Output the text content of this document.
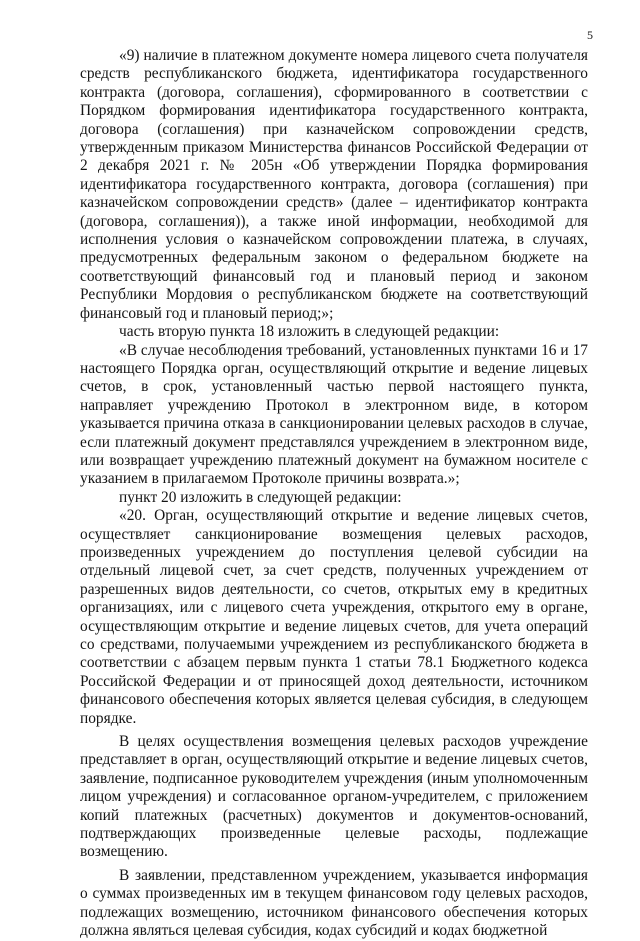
5

«9) наличие в платежном документе номера лицевого счета получателя средств республиканского бюджета, идентификатора государственного контракта (договора, соглашения), сформированного в соответствии с Порядком формирования идентификатора государственного контракта, договора (соглашения) при казначейском сопровождении средств, утвержденным приказом Министерства финансов Российской Федерации от 2 декабря 2021 г. № 205н «Об утверждении Порядка формирования идентификатора государственного контракта, договора (соглашения) при казначейском сопровождении средств» (далее – идентификатор контракта (договора, соглашения)), а также иной информации, необходимой для исполнения условия о казначейском сопровождении платежа, в случаях, предусмотренных федеральным законом о федеральном бюджете на соответствующий финансовый год и плановый период и законом Республики Мордовия о республиканском бюджете на соответствующий финансовый год и плановый период;»;

часть вторую пункта 18 изложить в следующей редакции:

«В случае несоблюдения требований, установленных пунктами 16 и 17 настоящего Порядка орган, осуществляющий открытие и ведение лицевых счетов, в срок, установленный частью первой настоящего пункта, направляет учреждению Протокол в электронном виде, в котором указывается причина отказа в санкционировании целевых расходов в случае, если платежный документ представлялся учреждением в электронном виде, или возвращает учреждению платежный документ на бумажном носителе с указанием в прилагаемом Протоколе причины возврата.»;

пункт 20 изложить в следующей редакции:

«20. Орган, осуществляющий открытие и ведение лицевых счетов, осуществляет санкционирование возмещения целевых расходов, произведенных учреждением до поступления целевой субсидии на отдельный лицевой счет, за счет средств, полученных учреждением от разрешенных видов деятельности, со счетов, открытых ему в кредитных организациях, или с лицевого счета учреждения, открытого ему в органе, осуществляющим открытие и ведение лицевых счетов, для учета операций со средствами, получаемыми учреждением из республиканского бюджета в соответствии с абзацем первым пункта 1 статьи 78.1 Бюджетного кодекса Российской Федерации и от приносящей доход деятельности, источником финансового обеспечения которых является целевая субсидия, в следующем порядке.

В целях осуществления возмещения целевых расходов учреждение представляет в орган, осуществляющий открытие и ведение лицевых счетов, заявление, подписанное руководителем учреждения (иным уполномоченным лицом учреждения) и согласованное органом-учредителем, с приложением копий платежных (расчетных) документов и документов-оснований, подтверждающих произведенные целевые расходы, подлежащие возмещению.

В заявлении, представленном учреждением, указывается информация о суммах произведенных им в текущем финансовом году целевых расходов, подлежащих возмещению, источником финансового обеспечения которых должна являться целевая субсидия, кодах субсидий и кодах бюджетной
